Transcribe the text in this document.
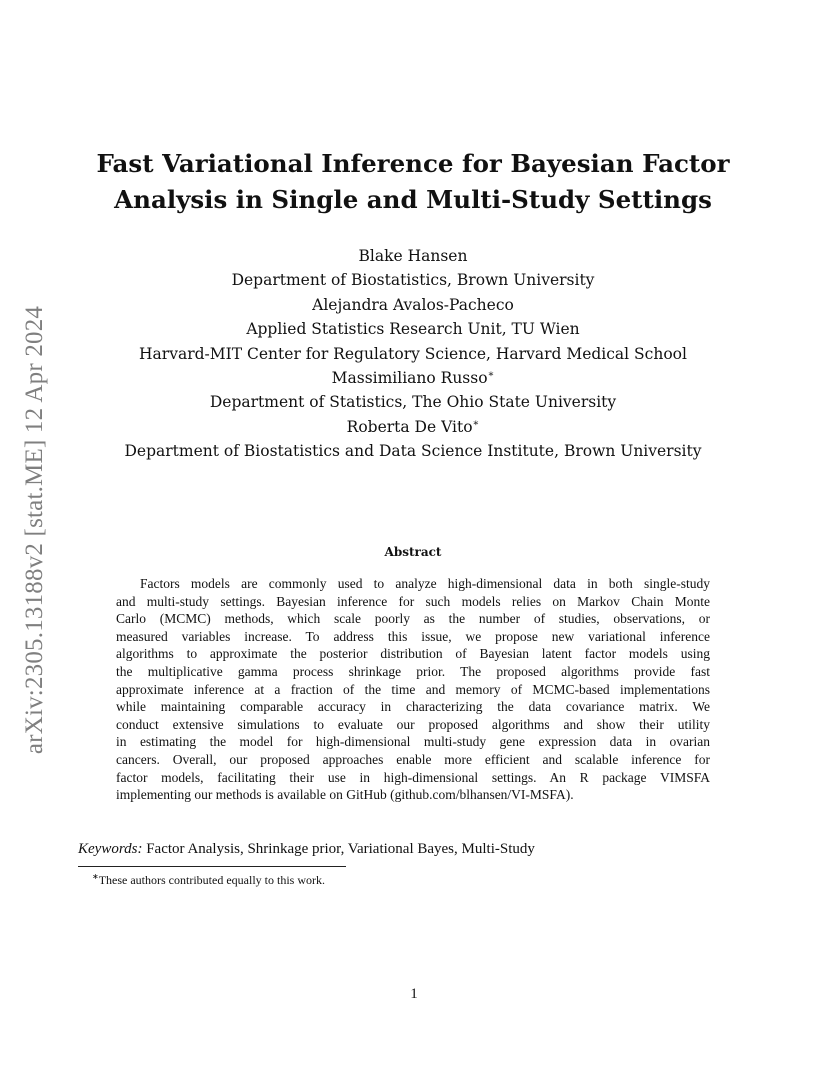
arXiv:2305.13188v2 [stat.ME] 12 Apr 2024
Fast Variational Inference for Bayesian Factor
Analysis in Single and Multi-Study Settings
Blake Hansen
Department of Biostatistics, Brown University
Alejandra Avalos-Pacheco
Applied Statistics Research Unit, TU Wien
Harvard-MIT Center for Regulatory Science, Harvard Medical School
Massimiliano Russo∗
Department of Statistics, The Ohio State University
Roberta De Vito∗
Department of Biostatistics and Data Science Institute, Brown University
Abstract
Factors models are commonly used to analyze high-dimensional data in both single-study
and multi-study settings. Bayesian inference for such models relies on Markov Chain Monte
Carlo (MCMC) methods, which scale poorly as the number of studies, observations, or
measured variables increase. To address this issue, we propose new variational inference
algorithms to approximate the posterior distribution of Bayesian latent factor models using
the multiplicative gamma process shrinkage prior. The proposed algorithms provide fast
approximate inference at a fraction of the time and memory of MCMC-based implementations
while maintaining comparable accuracy in characterizing the data covariance matrix. We
conduct extensive simulations to evaluate our proposed algorithms and show their utility
in estimating the model for high-dimensional multi-study gene expression data in ovarian
cancers. Overall, our proposed approaches enable more efficient and scalable inference for
factor models, facilitating their use in high-dimensional settings. An R package VIMSFA
implementing our methods is available on GitHub (github.com/blhansen/VI-MSFA).
Keywords: Factor Analysis, Shrinkage prior, Variational Bayes, Multi-Study
∗These authors contributed equally to this work.
1
